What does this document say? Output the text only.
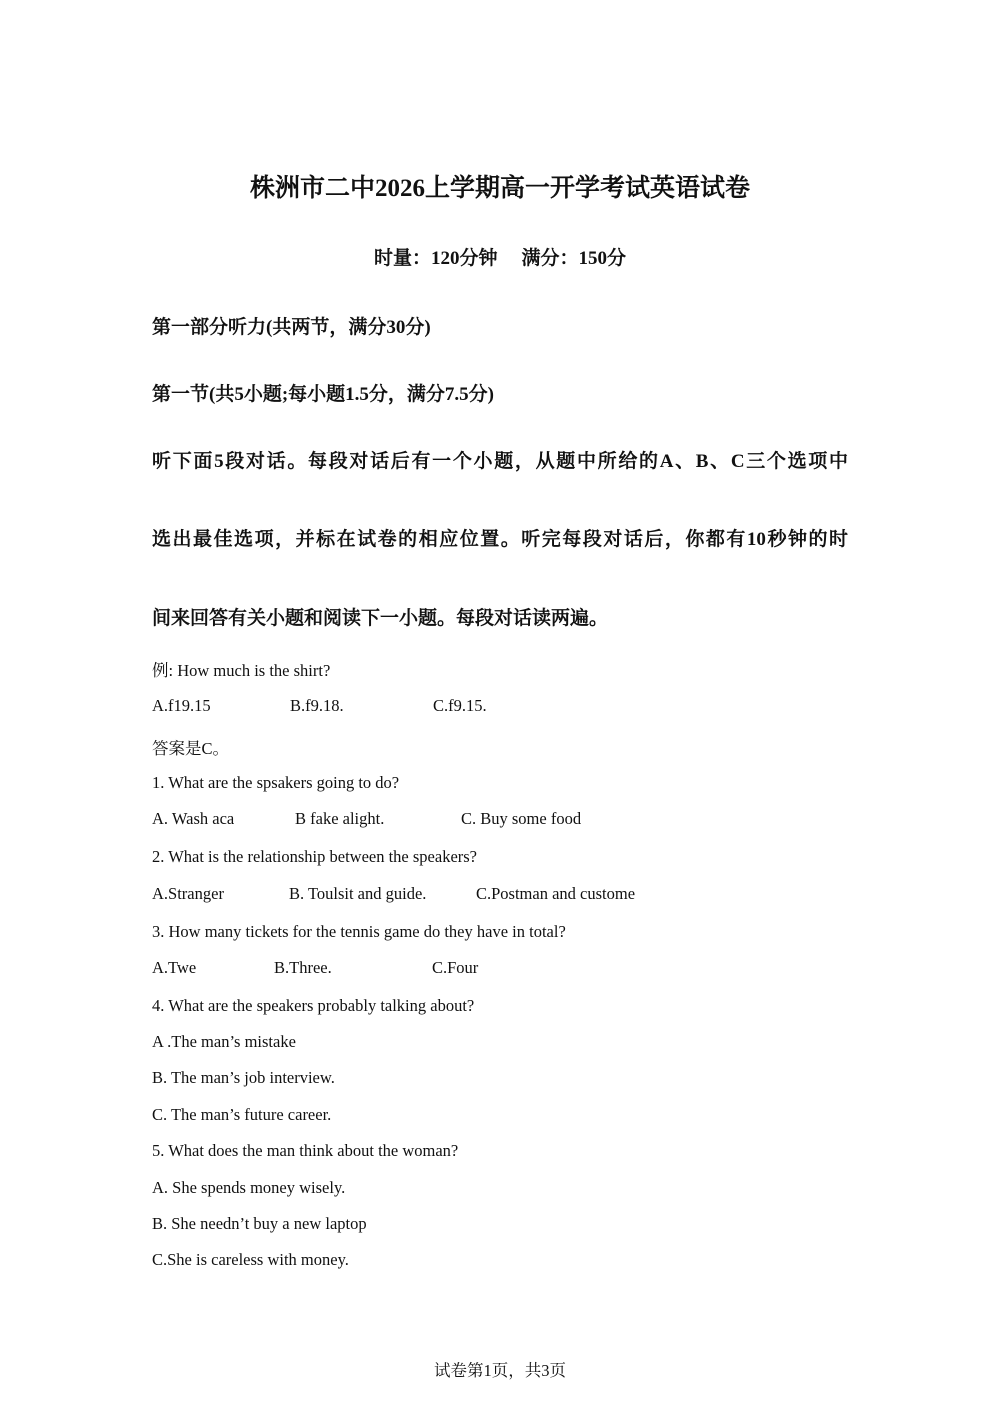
株洲市二中2026上学期高一开学考试英语试卷
时量：120分钟 满分：150分
第一部分听力(共两节，满分30分)
第一节(共5小题;每小题1.5分，满分7.5分)
听下面5段对话。每段对话后有一个小题，从题中所给的A、B、C三个选项中
选出最佳选项，并标在试卷的相应位置。听完每段对话后，你都有10秒钟的时
间来回答有关小题和阅读下一小题。每段对话读两遍。
例: How much is the shirt?
A.f19.15	B.f9.18.	C.f9.15.
答案是C。
1. What are the spsakers going to do?
A. Wash aca	B fake alight.	C. Buy some food
2. What is the relationship between the speakers?
A.Stranger	B. Toulsit and guide.	C.Postman and custome
3. How many tickets for the tennis game do they have in total?
A.Twe	B.Three.	C.Four
4. What are the speakers probably talking about?
A .The man’s mistake
B. The man’s job interview.
C. The man’s future career.
5. What does the man think about the woman?
A. She spends money wisely.
B. She needn’t buy a new laptop
C.She is careless with money.
试卷第1页，共3页
